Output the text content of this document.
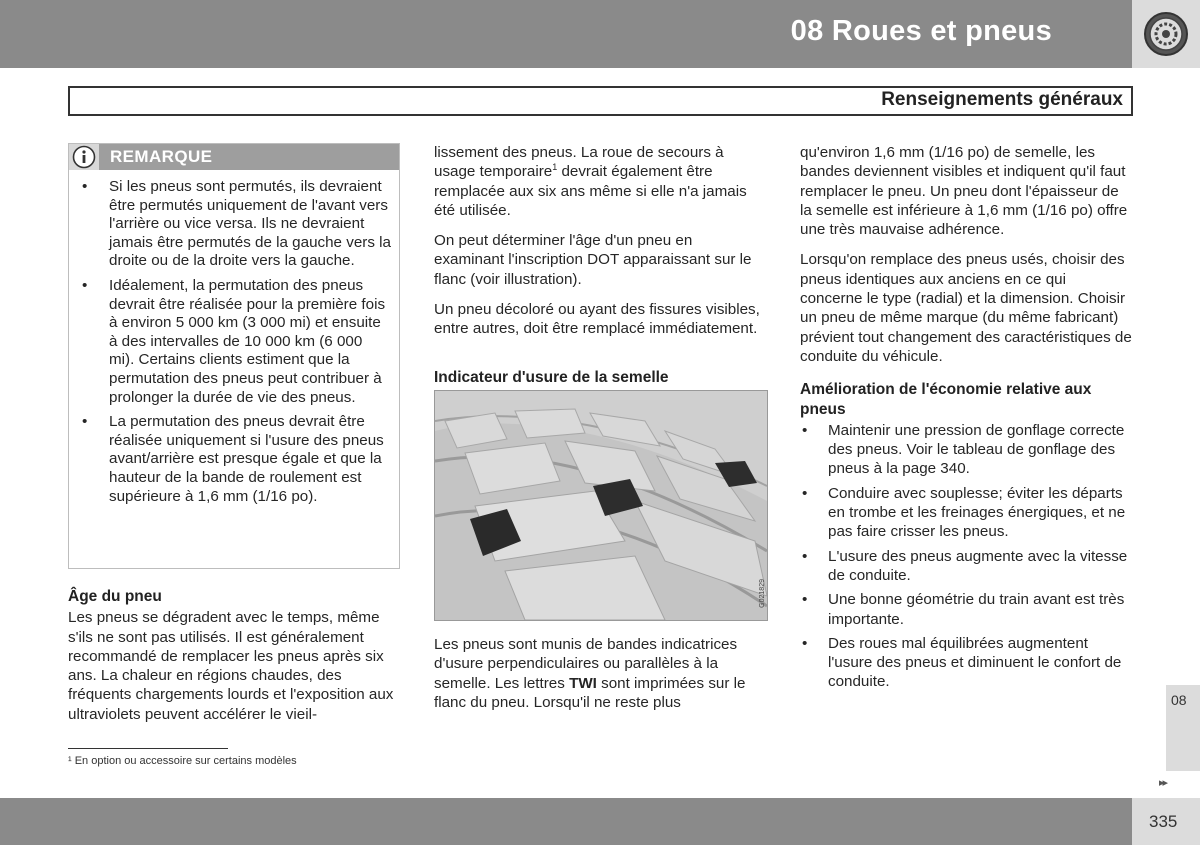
08 Roues et pneus
Renseignements généraux
REMARQUE
• Si les pneus sont permutés, ils devraient être permutés uniquement de l'avant vers l'arrière ou vice versa. Ils ne devraient jamais être permutés de la gauche vers la droite ou de la droite vers la gauche.
• Idéalement, la permutation des pneus devrait être réalisée pour la première fois à environ 5 000 km (3 000 mi) et ensuite à des intervalles de 10 000 km (6 000 mi). Certains clients estiment que la permutation des pneus peut contribuer à prolonger la durée de vie des pneus.
• La permutation des pneus devrait être réalisée uniquement si l'usure des pneus avant/arrière est presque égale et que la hauteur de la bande de roulement est supérieure à 1,6 mm (1/16 po).
Âge du pneu

Les pneus se dégradent avec le temps, même s'ils ne sont pas utilisés. Il est généralement recommandé de remplacer les pneus après six ans. La chaleur en régions chaudes, des fréquents chargements lourds et l'exposition aux ultraviolets peuvent accélérer le vieil-

lissement des pneus. La roue de secours à usage temporaire$^1$ devrait également être remplacée aux six ans même si elle n'a jamais été utilisée.

On peut déterminer l'âge d'un pneu en examinant l'inscription DOT apparaissant sur le flanc (voir illustration).

Un pneu décoloré ou ayant des fissures visibles, entre autres, doit être remplacé immédiatement.

Indicateur d'usure de la semelle
G021829

Les pneus sont munis de bandes indicatrices d'usure perpendiculaires ou parallèles à la semelle. Les lettres TWI sont imprimées sur le flanc du pneu. Lorsqu'il ne reste plus

qu'environ 1,6 mm (1/16 po) de semelle, les bandes deviennent visibles et indiquent qu'il faut remplacer le pneu. Un pneu dont l'épaisseur de la semelle est inférieure à 1,6 mm (1/16 po) offre une très mauvaise adhérence.

Lorsqu'on remplace des pneus usés, choisir des pneus identiques aux anciens en ce qui concerne le type (radial) et la dimension. Choisir un pneu de même marque (du même fabricant) prévient tout changement des caractéristiques de conduite du véhicule.

Amélioration de l'économie relative aux pneus
• Maintenir une pression de gonflage correcte des pneus. Voir le tableau de gonflage des pneus à la page 340.
• Conduire avec souplesse; éviter les départs en trombe et les freinages énergiques, et ne pas faire crisser les pneus.
• L'usure des pneus augmente avec la vitesse de conduite.
• Une bonne géométrie du train avant est très importante.
• Des roues mal équilibrées augmentent l'usure des pneus et diminuent le confort de conduite.
08
▸▸
¹ En option ou accessoire sur certains modèles
335
